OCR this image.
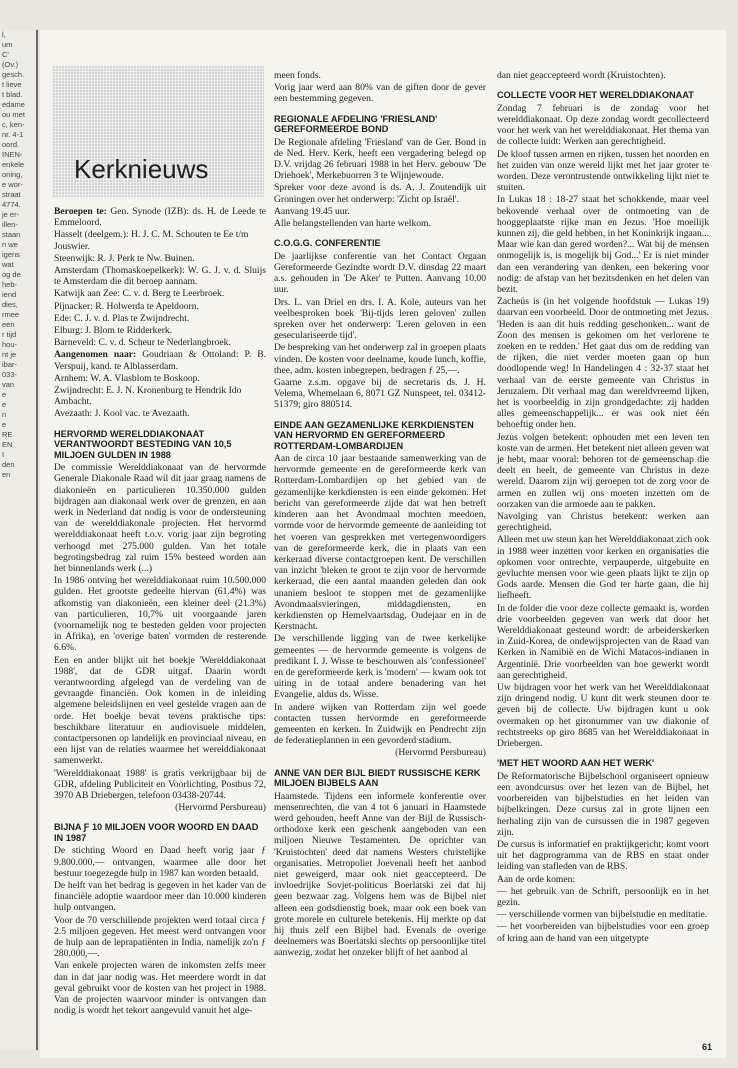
l,
um
C'
(Ov.)
gesch.
t lieve
t blad.
edame
ou met
c, ken-
nr. 4-1
oord.
INEN-
enkele
oning,
e wor-
straat
4774.
je er-
illen-
staan
n we
igens
wat
og de
heb-
iend
dies,
rmee
een
r tijd
hou-
nt je
ibar-
033-
van
e
e
n
e
RE
EN
I
den
en
Kerknieuws

Beroepen te: Gen. Synode (IZB): ds. H. de Leede te Emmeloord.

Hasselt (deelgem.): H. J. C. M. Schouten te Ee t/m Jouswier.

Steenwijk: R. J. Perk te Nw. Buinen.

Amsterdam (Thomaskoepelkerk): W. G. J. v. d. Sluijs te Amsterdam die dit beroep aannam.

Katwijk aan Zee: C. v. d. Berg te Leerbroek.

Pijnacker: R. Holwerda te Apeldoorn.

Ede: C. J. v. d. Plas te Zwijndrecht.

Elburg: J. Blom te Ridderkerk.

Barneveld: C. v. d. Scheur te Nederlangbroek.

Aangenomen naar: Goudriaan & Ottoland: P. B. Verspuij, kand. te Alblasserdam.

Arnhem: W. A. Vlasblom te Boskoop.

Zwijndrecht: E. J. N. Kronenburg te Hendrik Ido Ambacht.

Avezaath: J. Kool vac. te Avezaath.

HERVORMD WERELDDIAKONAAT VERANTWOORDT BESTEDING VAN 10,5 MILJOEN GULDEN IN 1988

De commissie Werelddiakonaat van de hervormde Generale Diakonale Raad wil dit jaar graag namens de diakonieën en particulieren 10.350.000 gulden bijdragen aan diakonaal werk over de grenzen, en aan werk in Nederland dat nodig is voor de ondersteuning van de werelddiakonale projecten. Het hervormd werelddiakonaat heeft t.o.v. vorig jaar zijn begroting verhoogd met 275.000 gulden. Van het totale begrotingsbedrag zal ruim 15% besteed worden aan het binnenlands werk (...)

In 1986 ontving het werelddiakonaat ruim 10.500.000 gulden. Het grootste gedeelte hiervan (61.4%) was afkomstig van diakonieën, een kleiner deel (21.3%) van particulieren, 10,7% uit voorgaande jaren (voornamelijk nog te besteden gelden voor projecten in Afrika), en 'overige baten' vormden de resterende 6.6%.

Een en ander blijkt uit het boekje 'Werelddiakonaat 1988', dat de GDR uitgaf. Daarin wordt verantwoording afgelegd van de verdeling van de gevraagde financiën. Ook komen in de inleiding algemene beleidslijnen en veel gestelde vragen aan de orde. Het boekje bevat tevens praktische tips: beschikbare literatuur en audiovisuele middelen, contactpersonen op landelijk en provinciaal niveau, en een lijst van de relaties waarmee het werelddiakonaat samenwerkt.

'Werelddiakonaat 1988' is gratis verkrijgbaar bij de GDR, afdeling Publiciteit en Voorlichting, Postbus 72, 3970 AB Driebergen, telefoon 03438-20744.

(Hervormd Persbureau)

BIJNA Ƒ 10 MILJOEN VOOR WOORD EN DAAD IN 1987

De stichting Woord en Daad heeft vorig jaar ƒ 9.800.000,— ontvangen, waarmee alle door het bestuur toegezegde hulp in 1987 kan worden betaald.

De helft van het bedrag is gegeven in het kader van de financiële adoptie waardoor meer dan 10.000 kinderen hulp ontvangen.

Voor de 70 verschillende projekten werd totaal circa ƒ 2.5 miljoen gegeven. Het meest werd ontvangen voor de hulp aan de leprapatiënten in India, namelijk zo'n ƒ 280.000,—.

Van enkele projecten waren de inkomsten zelfs meer dan in dat jaar nodig was. Het meerdere wordt in dat geval gebruikt voor de kosten van het project in 1988. Van de projecten waarvoor minder is ontvangen dan nodig is wordt het tekort aangevuld vanuit het alge-

meen fonds.

Vorig jaar werd aan 80% van de giften door de gever een bestemming gegeven.

REGIONALE AFDELING 'FRIESLAND' GEREFORMEERDE BOND

De Regionale afdeling 'Friesland' van de Ger. Bond in de Ned. Herv. Kerk, heeft een vergadering belegd op D.V. vrijdag 26 februari 1988 in het Herv. gebouw 'De Driehoek', Merkebuorren 3 te Wijnjewoude.

Spreker voor deze avond is ds. A. J. Zoutendijk uit Groningen over het onderwerp: 'Zicht op Israël'.

Aanvang 19.45 uur.

Alle belangstellenden van harte welkom.

C.O.G.G. CONFERENTIE

De jaarlijkse conferentie van het Contact Orgaan Gereformeerde Gezindte wordt D.V. dinsdag 22 maart a.s. gehouden in 'De Aker' te Putten. Aanvang 10.00 uur.

Drs. L. van Driel en drs. I. A. Kole, auteurs van het veelbesproken boek 'Bij-tijds leren geloven' zullen spreken over het onderwerp: 'Leren geloven in een geseculariseerde tijd'.

De bespreking van het onderwerp zal in groepen plaats vinden. De kosten voor deelname, koude lunch, koffie, thee, adm. kosten inbegrepen, bedragen ƒ 25,—.

Gaarne z.s.m. opgave bij de secretaris ds. J. H. Velema, Whemelaan 6, 8071 GZ Nunspeet, tel. 03412-51379; giro 880514.

EINDE AAN GEZAMENLIJKE KERKDIENSTEN VAN HERVORMD EN GEREFORMEERD ROTTERDAM-LOMBARDIJEN

Aan de circa 10 jaar bestaande samenwerking van de hervormde gemeente en de gereformeerde kerk van Rotterdam-Lombardijen op het gebied van de gezamenlijke kerkdiensten is een einde gekomen. Het bericht van gereformeerde zijde dat wat hen betreft kinderen aan het Avondmaal mochten meedoen, vormde voor de hervormde gemeente de aanleiding tot het voeren van gesprekken met vertegenwoordigers van de gereformeerde kerk, die in plaats van een kerkeraad diverse contactgroepen kent. De verschillen van inzicht 'bleken te groot te zijn voor de hervormde kerkeraad, die een aantal maanden geleden dan ook unaniem besloot te stoppen met de gezamenlijke Avondmaalsvieringen, middagdiensten, en kerkdiensten op Hemelvaartsdag, Oudejaar en in de Kerstnacht.

De verschillende ligging van de twee kerkelijke gemeentes — de hervormde gemeente is volgens de predikant I. J. Wisse te beschouwen als 'confessioneel' en de gereformeerde kerk is 'modern' — kwam ook tot uiting in de totaal andere benadering van het Evangelie, aldus ds. Wisse.

In andere wijken van Rotterdam zijn wel goede contacten tussen hervormde en gereformeerde gemeenten en kerken. In Zuidwijk en Pendrecht zijn de federatieplannen in een gevorderd stadium.

(Hervormd Persbureau)

ANNE VAN DER BIJL BIEDT RUSSISCHE KERK MILJOEN BIJBELS AAN

Haamstede. Tijdens een informele konferentie over mensenrechten, die van 4 tot 6 januari in Haamstede werd gehouden, heeft Anne van der Bijl de Russisch-orthodoxe kerk een geschenk aangeboden van een miljoen Nieuwe Testamenten. De oprichter van 'Kruistochten' deed dat namens Westers christelijke organisaties. Metropoliet Joevenali heeft het aanbod niet geweigerd, maar ook niet geaccepteerd. De invloedrijke Sovjet-politicus Boerlatski zei dat hij geen bezwaar zag. Volgens hem was de Bijbel niet alleen een godsdienstig boek, maar ook een boek van grote morele en culturele betekenis. Hij merkte op dat hij thuis zelf een Bijbel had. Evenals de overige deelnemers was Boerlatski slechts op persoonlijke titel aanwezig, zodat het onzeker blijft of het aanbod al

dan niet geaccepteerd wordt (Kruistochten).

COLLECTE VOOR HET WERELDDIAKONAAT

Zondag 7 februari is de zondag voor het werelddiakonaat. Op deze zondag wordt gecollecteerd voor het werk van het werelddiakonaat. Het thema van de collecte luidt: Werken aan gerechtigheid.

De kloof tussen armen en rijken, tussen het noorden en het zuiden van onze wereld lijkt met het jaar groter te worden. Deze verontrustende ontwikkeling lijkt niet te stuiten.

In Lukas 18 : 18-27 staat het schokkende, maar veel bekovende verhaal over de ontmoeting van de hooggeplaatste rijke man en Jezus. 'Hoe moeilijk kunnen zij, die geld hebben, in het Koninkrijk ingaan... Maar wie kan dan gered worden?... Wat bij de mensen onmogelijk is, is mogelijk bij God...' Er is niet minder dan een verandering van denken, een bekering voor nodig: de afstap van het bezitsdenken en het delen van bezit.

Zacheüs is (in het volgende hoofdstuk — Lukas 19) daarvan een voorbeeld. Door de ontmoeting met Jezus. 'Heden is aan dit huis redding geschonken... want de Zoon des mensen is gekomen om het verlorene te zoeken en te redden.' Het gaat dus om de redding van de rijken, die niet verder moeten gaan op hun doodlopende weg! In Handelingen 4 : 32-37 staat het verhaal van de eerste gemeente van Christus in Jeruzalem. Dit verhaal mag dan wereldvreemd lijken, het is voorbeeldig in zijn grondgedachte: zij hadden alles gemeenschappelijk... er was ook niet één behoeftig onder hen.

Jezus volgen betekent: ophouden met een leven ten koste van de armen. Het betekent niet alleen geven wat je hebt, maar vooral: behoren tot de gemeenschap die deelt en heelt, de gemeente van Christus in deze wereld. Daarom zijn wij geroepen tot de zorg voor de armen en zullen wij ons moeten inzetten om de oorzaken van die armoede aan te pakken.

Navolging van Christus betekent: werken aan gerechtigheid.

Alleen met uw steun kan het Werelddiakonaat zich ook in 1988 weer inzetten voor kerken en organisaties die opkomen voor ontrechte, verpauperde, uitgebuite en gevluchte mensen voor wie geen plaats lijkt te zijn op Gods aarde. Mensen die God ter harte gaan, die hij liefheeft.

In de folder die voor deze collecte gemaakt is, worden drie voorbeelden gegeven van werk dat door het Werelddiakonaat gesteund wordt: de arbeiderskerken in Zuid-Korea, de ondewijsprojecten van de Raad van Kerken in Namibië en de Wichi Matacos-indianen in Argentinië. Drie voorbeelden van hoe gewerkt wordt aan gerechtigheid.

Uw bijdragen voor het werk van het Werelddiakonaat zijn dringend nodig. U kunt dit werk steunen door te geven bij de collecte. Uw bijdragen kunt u ook overmaken op het gironummer van uw diakonie of rechtstreeks op giro 8685 van het Werelddiakonaat in Driebergen.

'MET HET WOORD AAN HET WERK'

De Reformatorische Bijbelschool organiseert opnieuw een avondcursus over het lezen van de Bijbel, het voorbereiden van bijbelstudies en het leiden van bijbelkringen. Deze cursus zal in grote lijnen een herhaling zijn van de cursussen die in 1987 gegeven zijn.

De cursus is informatief en praktijkgericht; komt voort uit het dagprogramma van de RBS en staat onder leiding van stafleden van de RBS.

Aan de orde komen:

— het gebruik van de Schrift, persoonlijk en in het gezin.

— verschillende vormen van bijbelstudie en meditatie.

— het voorbereiden van bijbelstudies voor een groep of kring aan de hand van een uitgetypte

61
